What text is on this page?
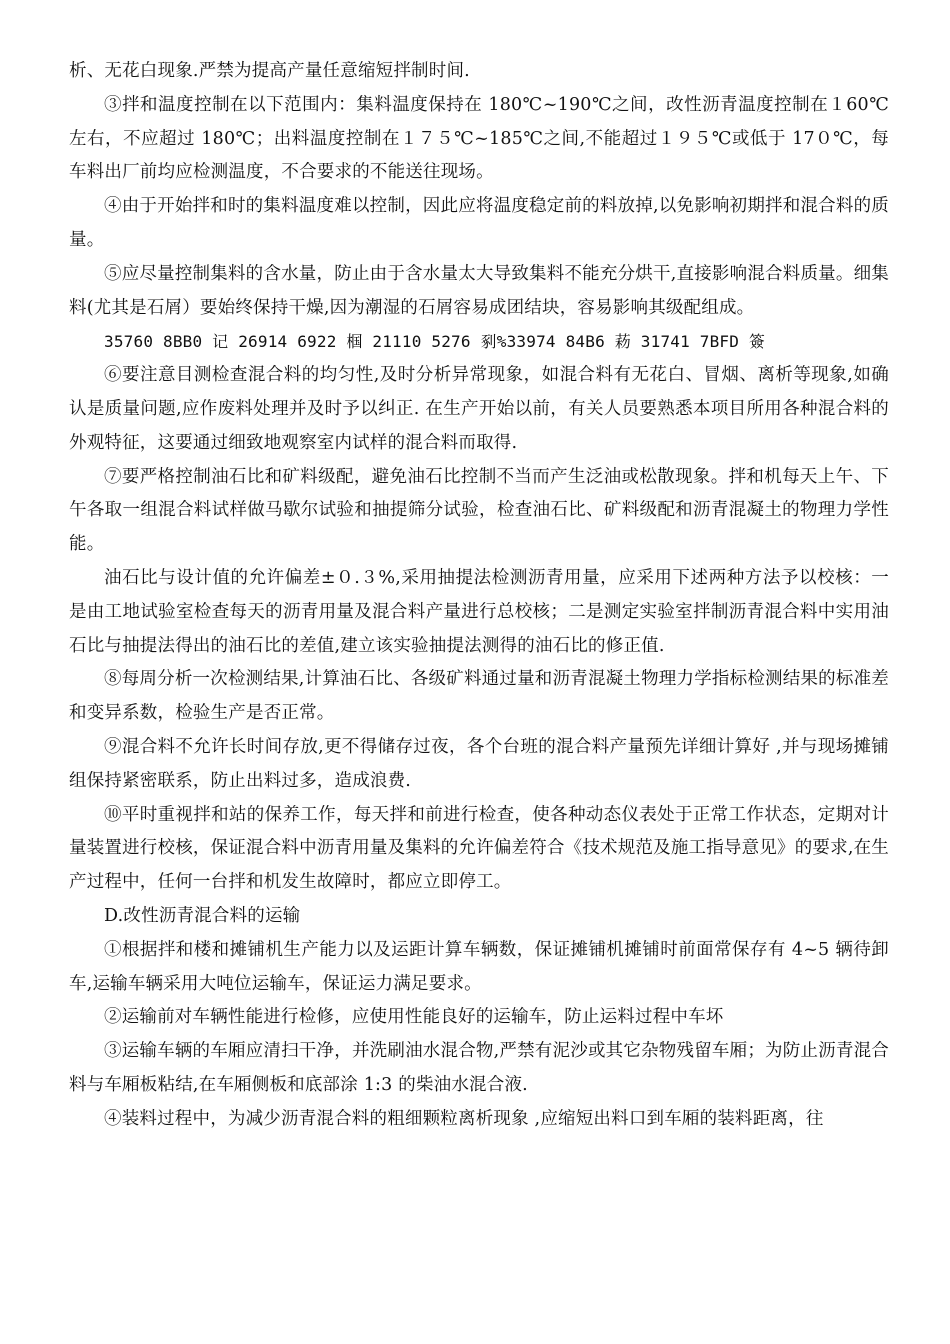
析、无花白现象.严禁为提高产量任意缩短拌制时间.

③拌和温度控制在以下范围内：集料温度保持在 180℃~190℃之间，改性沥青温度控制在１60℃左右，不应超过 180℃；出料温度控制在１７５℃~185℃之间,不能超过１９５℃或低于 17０℃，每车料出厂前均应检测温度，不合要求的不能送往现场。

④由于开始拌和时的集料温度难以控制，因此应将温度稳定前的料放掉,以免影响初期拌和混合料的质量。

⑤应尽量控制集料的含水量，防止由于含水量太大导致集料不能充分烘干,直接影响混合料质量。细集料(尤其是石屑）要始终保持干燥,因为潮湿的石屑容易成团结块，容易影响其级配组成。

35760 8BB0 记 26914 6922 椢 21110 5276 剢%33974 84B6 菞 31741 7BFD 簽

⑥要注意目测检查混合料的均匀性,及时分析异常现象，如混合料有无花白、冒烟、离析等现象,如确认是质量问题,应作废料处理并及时予以纠正. 在生产开始以前，有关人员要熟悉本项目所用各种混合料的外观特征，这要通过细致地观察室内试样的混合料而取得.

⑦要严格控制油石比和矿料级配，避免油石比控制不当而产生泛油或松散现象。拌和机每天上午、下午各取一组混合料试样做马歇尔试验和抽提筛分试验，检查油石比、矿料级配和沥青混凝土的物理力学性能。

油石比与设计值的允许偏差±０.３%,采用抽提法检测沥青用量，应采用下述两种方法予以校核：一是由工地试验室检查每天的沥青用量及混合料产量进行总校核；二是测定实验室拌制沥青混合料中实用油石比与抽提法得出的油石比的差值,建立该实验抽提法测得的油石比的修正值.

⑧每周分析一次检测结果,计算油石比、各级矿料通过量和沥青混凝土物理力学指标检测结果的标准差和变异系数，检验生产是否正常。

⑨混合料不允许长时间存放,更不得储存过夜，各个台班的混合料产量预先详细计算好 ,并与现场摊铺组保持紧密联系，防止出料过多，造成浪费.

⑩平时重视拌和站的保养工作，每天拌和前进行检查，使各种动态仪表处于正常工作状态，定期对计量装置进行校核，保证混合料中沥青用量及集料的允许偏差符合《技术规范及施工指导意见》的要求,在生产过程中，任何一台拌和机发生故障时，都应立即停工。

D.改性沥青混合料的运输

①根据拌和楼和摊铺机生产能力以及运距计算车辆数，保证摊铺机摊铺时前面常保存有 4~5 辆待卸车,运输车辆采用大吨位运输车，保证运力满足要求。

②运输前对车辆性能进行检修，应使用性能良好的运输车，防止运料过程中车坏

③运输车辆的车厢应清扫干净，并洗刷油水混合物,严禁有泥沙或其它杂物残留车厢；为防止沥青混合料与车厢板粘结,在车厢侧板和底部涂 1:3 的柴油水混合液.

④装料过程中，为减少沥青混合料的粗细颗粒离析现象 ,应缩短出料口到车厢的装料距离，往
